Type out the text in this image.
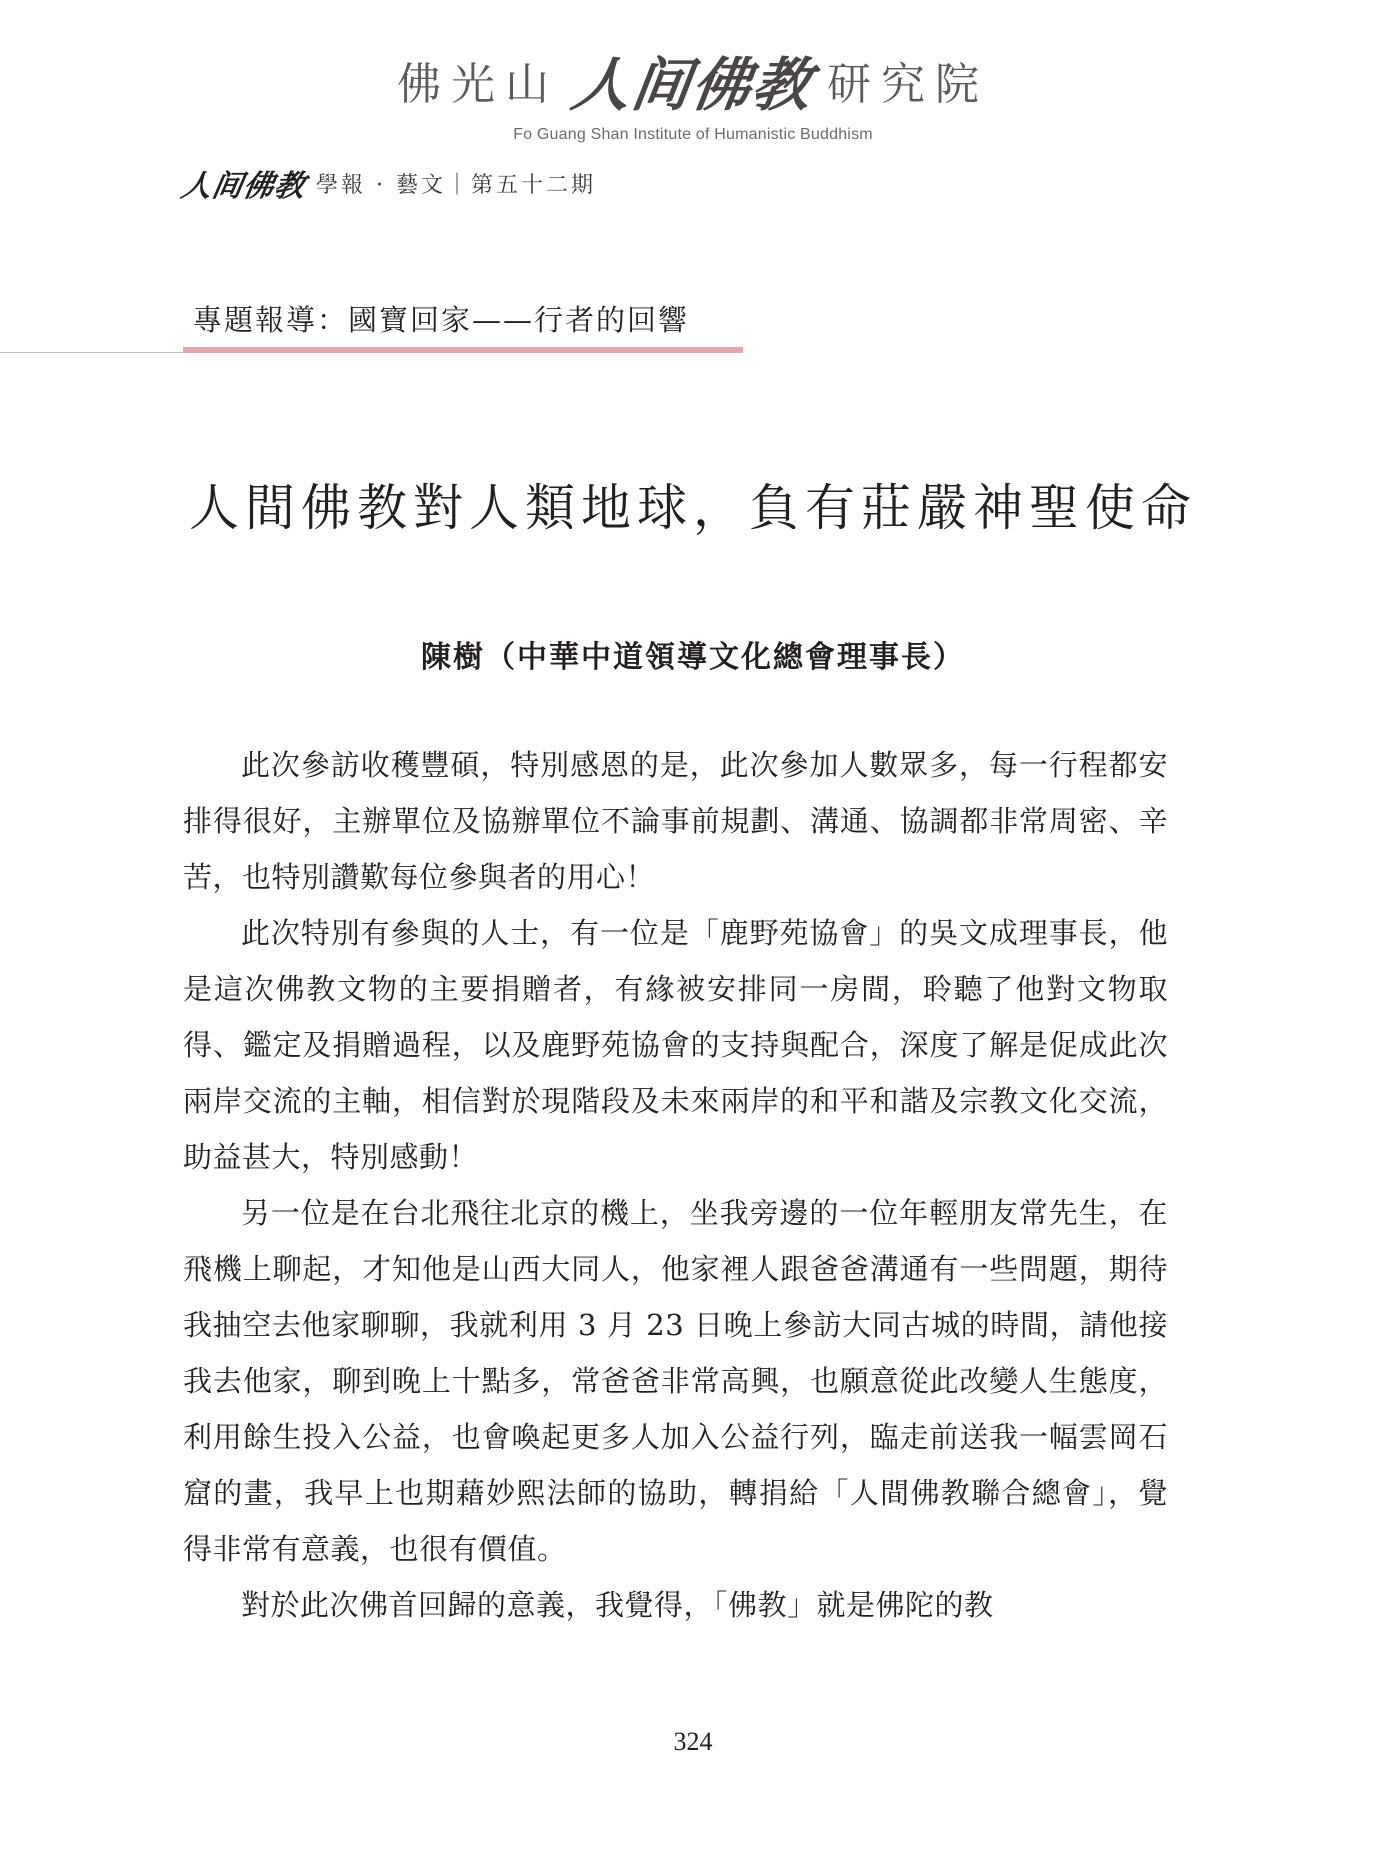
佛光山 人间佛教 研究院
Fo Guang Shan Institute of Humanistic Buddhism
人间佛教 學報 · 藝文｜第五十二期
專題報導：國寶回家——行者的回響
人間佛教對人類地球，負有莊嚴神聖使命
陳樹（中華中道領導文化總會理事長）

此次參訪收穫豐碩，特別感恩的是，此次參加人數眾多，每一行程都安排得很好，主辦單位及協辦單位不論事前規劃、溝通、協調都非常周密、辛苦，也特別讚歎每位參與者的用心！

此次特別有參與的人士，有一位是「鹿野苑協會」的吳文成理事長，他是這次佛教文物的主要捐贈者，有緣被安排同一房間，聆聽了他對文物取得、鑑定及捐贈過程，以及鹿野苑協會的支持與配合，深度了解是促成此次兩岸交流的主軸，相信對於現階段及未來兩岸的和平和諧及宗教文化交流，助益甚大，特別感動！

另一位是在台北飛往北京的機上，坐我旁邊的一位年輕朋友常先生，在飛機上聊起，才知他是山西大同人，他家裡人跟爸爸溝通有一些問題，期待我抽空去他家聊聊，我就利用 3 月 23 日晚上參訪大同古城的時間，請他接我去他家，聊到晚上十點多，常爸爸非常高興，也願意從此改變人生態度，利用餘生投入公益，也會喚起更多人加入公益行列，臨走前送我一幅雲岡石窟的畫，我早上也期藉妙熙法師的協助，轉捐給「人間佛教聯合總會」，覺得非常有意義，也很有價值。

對於此次佛首回歸的意義，我覺得，「佛教」就是佛陀的教

324
